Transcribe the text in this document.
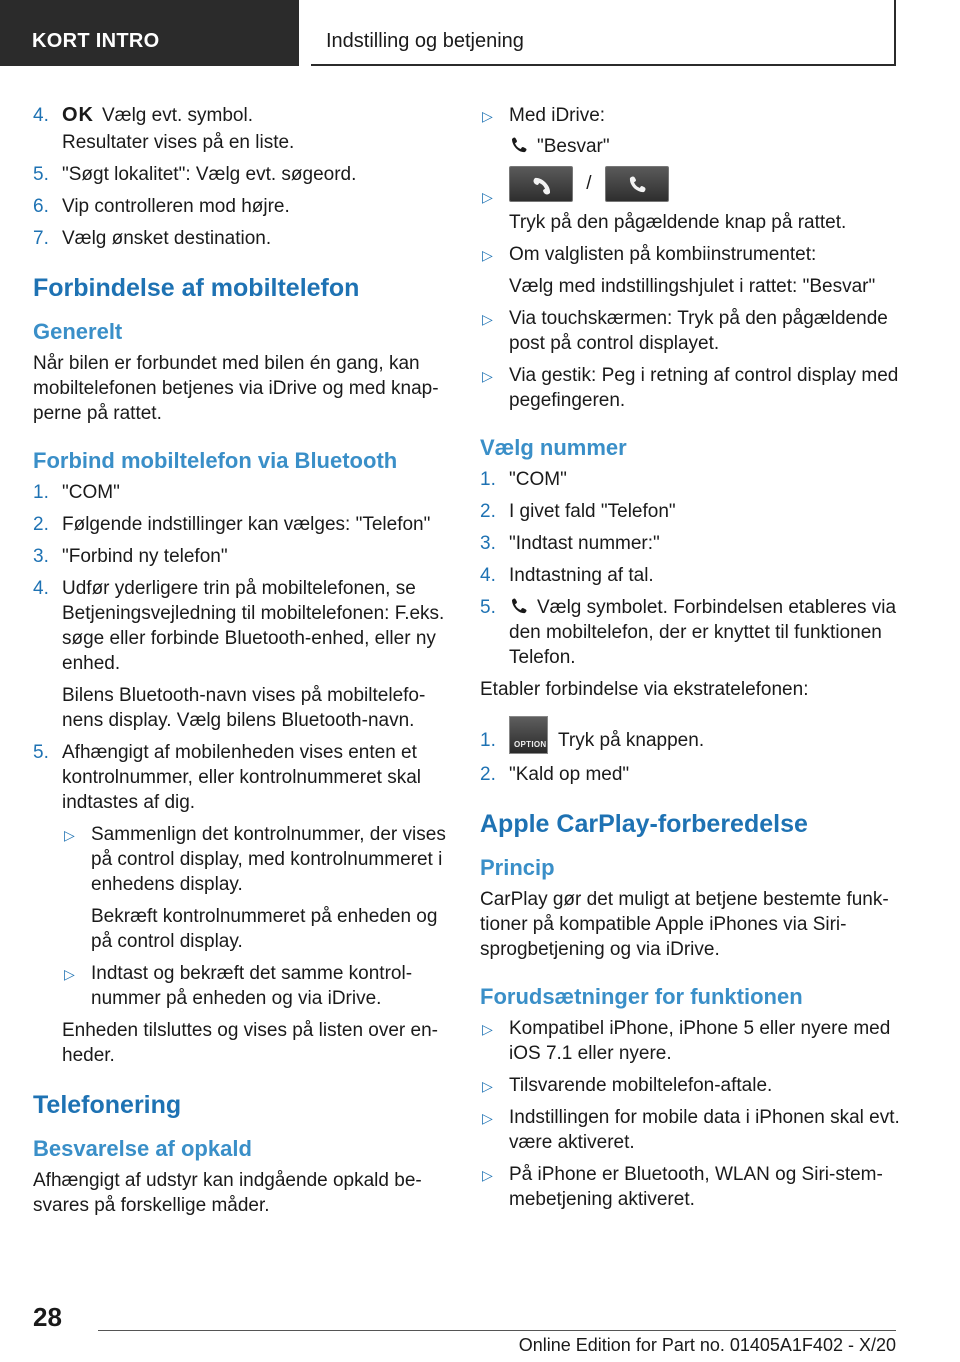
KORT INTRO	Indstilling og betjening
4. OK Vælg evt. symbol.
Resultater vises på en liste.
5. "Søgt lokalitet": Vælg evt. søgeord.
6. Vip controlleren mod højre.
7. Vælg ønsket destination.
Forbindelse af mobiltelefon
Generelt
Når bilen er forbundet med bilen én gang, kan mobiltelefonen betjenes via iDrive og med knapperne på rattet.
Forbind mobiltelefon via Bluetooth
1. "COM"
2. Følgende indstillinger kan vælges: "Telefon"
3. "Forbind ny telefon"
4. Udfør yderligere trin på mobiltelefonen, se Betjeningsvejledning til mobiltelefonen: F.eks. søge eller forbinde Bluetooth-enhed, eller ny enhed.
Bilens Bluetooth-navn vises på mobiltelefonens display. Vælg bilens Bluetooth-navn.
5. Afhængigt af mobilenheden vises enten et kontrolnummer, eller kontrolnummeret skal indtastes af dig.
▷ Sammenlign det kontrolnummer, der vises på control display, med kontrolnummeret i enhedens display.
Bekræft kontrolnummeret på enheden og på control display.
▷ Indtast og bekræft det samme kontrolnummer på enheden og via iDrive.
Enheden tilsluttes og vises på listen over enheder.
Telefonering
Besvarelse af opkald
Afhængigt af udstyr kan indgående opkald besvares på forskellige måder.
▷ Med iDrive:
"Besvar"
▷
/
Tryk på den pågældende knap på rattet.
▷ Om valglisten på kombiinstrumentet:
Vælg med indstillingshjulet i rattet: "Besvar"
▷ Via touchskærmen: Tryk på den pågældende post på control displayet.
▷ Via gestik: Peg i retning af control display med pegefingeren.
Vælg nummer
1. "COM"
2. I givet fald "Telefon"
3. "Indtast nummer:"
4. Indtastning af tal.
5. Vælg symbolet. Forbindelsen etableres via den mobiltelefon, der er knyttet til funktionen Telefon.
Etabler forbindelse via ekstratelefonen:
1. OPTION Tryk på knappen.
2. "Kald op med"
Apple CarPlay-forberedelse
Princip
CarPlay gør det muligt at betjene bestemte funktioner på kompatible Apple iPhones via Siri-sprogbetjening og via iDrive.
Forudsætninger for funktionen
▷ Kompatibel iPhone, iPhone 5 eller nyere med iOS 7.1 eller nyere.
▷ Tilsvarende mobiltelefon-aftale.
▷ Indstillingen for mobile data i iPhonen skal evt. være aktiveret.
▷ På iPhone er Bluetooth, WLAN og Siri-stemmebetjening aktiveret.
28
Online Edition for Part no. 01405A1F402 - X/20
